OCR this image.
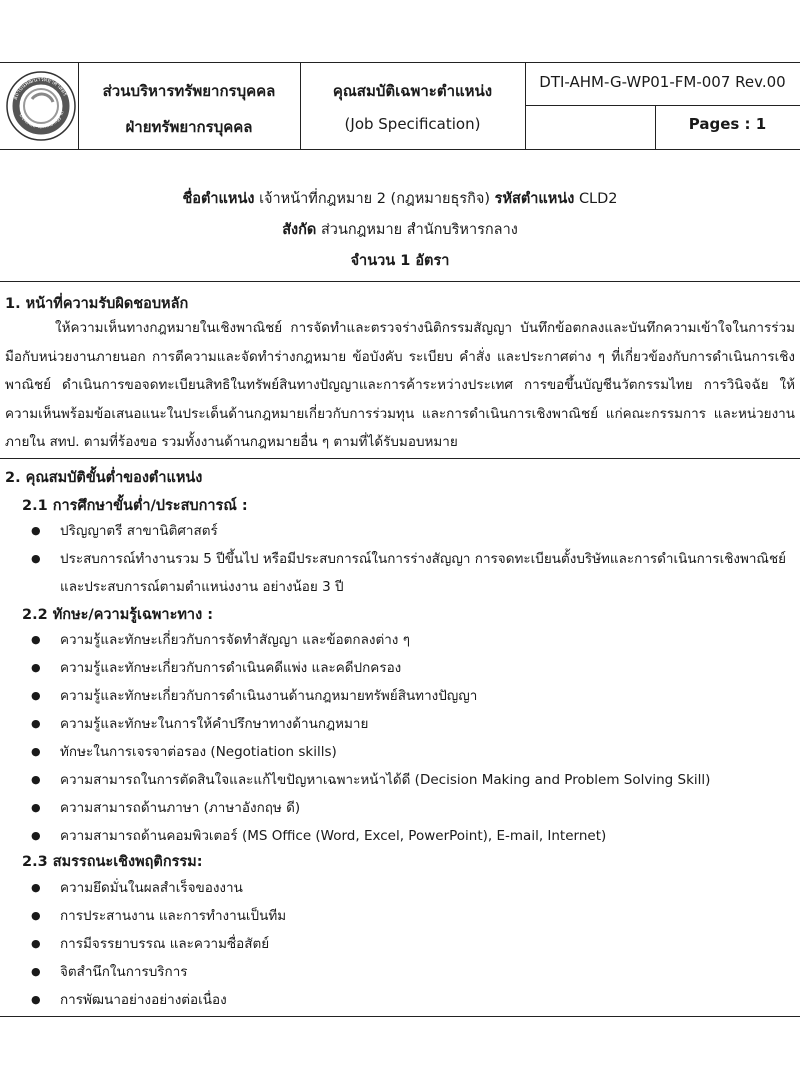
สถาบันพัฒนาวิทยาศาสตร์
Defence Technology In
ส่วนบริหารทรัพยากรบุคคล
ฝ่ายทรัพยากรบุคคล
คุณสมบัติเฉพาะตำแหน่ง
(Job Specification)
DTI-AHM-G-WP01-FM-007 Rev.00
Pages : 1
ชื่อตำแหน่ง เจ้าหน้าที่กฎหมาย 2 (กฎหมายธุรกิจ) รหัสตำแหน่ง CLD2
สังกัด ส่วนกฎหมาย สำนักบริหารกลาง
จำนวน 1 อัตรา
1. หน้าที่ความรับผิดชอบหลัก

ให้ความเห็นทางกฎหมายในเชิงพาณิชย์ การจัดทำและตรวจร่างนิติกรรมสัญญา บันทึกข้อตกลงและบันทึกความเข้าใจในการร่วมมือกับหน่วยงานภายนอก การตีความและจัดทำร่างกฎหมาย ข้อบังคับ ระเบียบ คำสั่ง และประกาศต่าง ๆ ที่เกี่ยวข้องกับการดำเนินการเชิงพาณิชย์ ดำเนินการขอจดทะเบียนสิทธิในทรัพย์สินทางปัญญาและการค้าระหว่างประเทศ การขอขึ้นบัญชีนวัตกรรมไทย การวินิจฉัย ให้ความเห็นพร้อมข้อเสนอแนะในประเด็นด้านกฎหมายเกี่ยวกับการร่วมทุน และการดำเนินการเชิงพาณิชย์ แก่คณะกรรมการ และหน่วยงานภายใน สทป. ตามที่ร้องขอ รวมทั้งงานด้านกฎหมายอื่น ๆ ตามที่ได้รับมอบหมาย

2. คุณสมบัติขั้นต่ำของตำแหน่ง
2.1 การศึกษาขั้นต่ำ/ประสบการณ์ :
● ปริญญาตรี สาขานิติศาสตร์
● ประสบการณ์ทำงานรวม 5 ปีขึ้นไป หรือมีประสบการณ์ในการร่างสัญญา การจดทะเบียนตั้งบริษัทและการดำเนินการเชิงพาณิชย์ และประสบการณ์ตามตำแหน่งงาน อย่างน้อย 3 ปี
2.2 ทักษะ/ความรู้เฉพาะทาง :
● ความรู้และทักษะเกี่ยวกับการจัดทำสัญญา และข้อตกลงต่าง ๆ
● ความรู้และทักษะเกี่ยวกับการดำเนินคดีแพ่ง และคดีปกครอง
● ความรู้และทักษะเกี่ยวกับการดำเนินงานด้านกฎหมายทรัพย์สินทางปัญญา
● ความรู้และทักษะในการให้คำปรึกษาทางด้านกฎหมาย
● ทักษะในการเจรจาต่อรอง (Negotiation skills)
● ความสามารถในการตัดสินใจและแก้ไขปัญหาเฉพาะหน้าได้ดี (Decision Making and Problem Solving Skill)
● ความสามารถด้านภาษา (ภาษาอังกฤษ ดี)
● ความสามารถด้านคอมพิวเตอร์ (MS Office (Word, Excel, PowerPoint), E-mail, Internet)
2.3 สมรรถนะเชิงพฤติกรรม:
● ความยึดมั่นในผลสำเร็จของงาน
● การประสานงาน และการทำงานเป็นทีม
● การมีจรรยาบรรณ และความซื่อสัตย์
● จิตสำนึกในการบริการ
● การพัฒนาอย่างอย่างต่อเนื่อง
